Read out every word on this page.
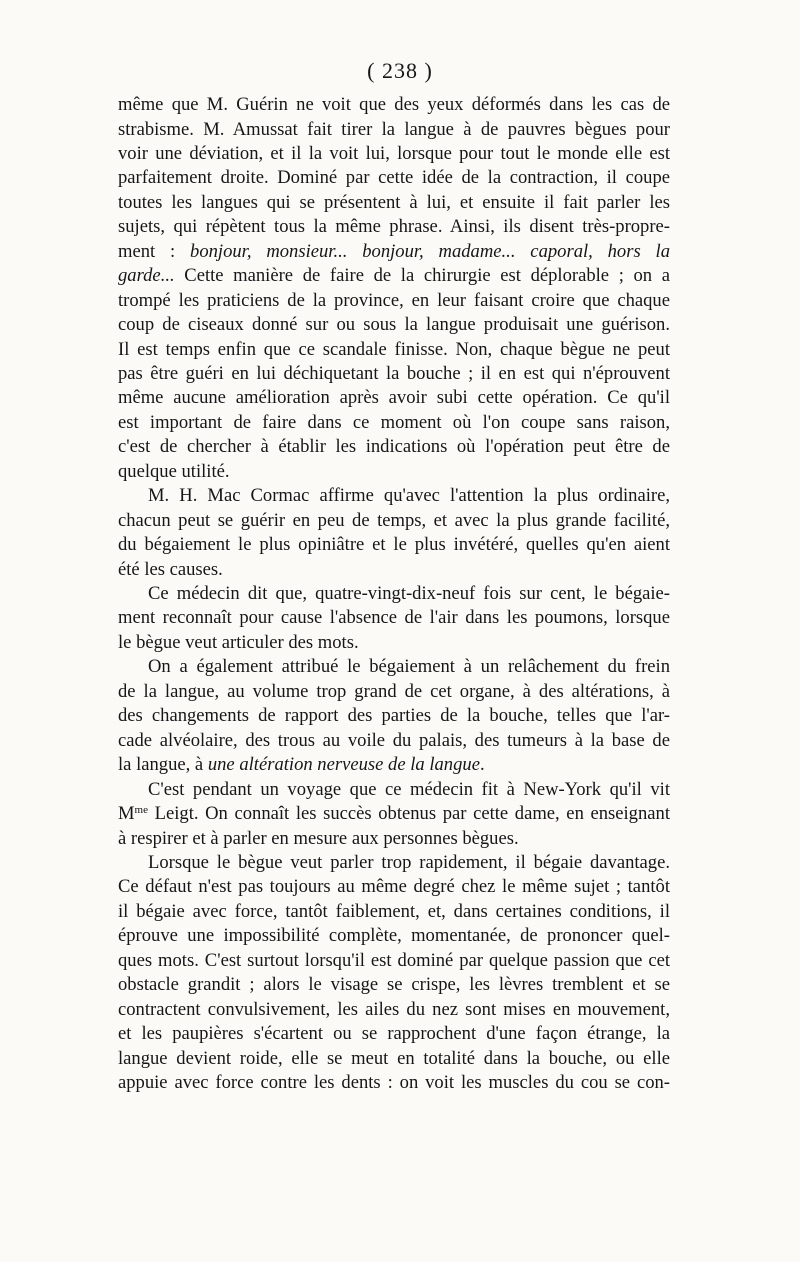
( 238 )
même que M. Guérin ne voit que des yeux déformés dans les cas de
strabisme. M. Amussat fait tirer la langue à de pauvres bègues pour
voir une déviation, et il la voit lui, lorsque pour tout le monde elle est
parfaitement droite. Dominé par cette idée de la contraction, il coupe
toutes les langues qui se présentent à lui, et ensuite il fait parler les
sujets, qui répètent tous la même phrase. Ainsi, ils disent très-propre-
ment : bonjour, monsieur... bonjour, madame... caporal, hors la
garde... Cette manière de faire de la chirurgie est déplorable ; on a
trompé les praticiens de la province, en leur faisant croire que chaque
coup de ciseaux donné sur ou sous la langue produisait une guérison.
Il est temps enfin que ce scandale finisse. Non, chaque bègue ne peut
pas être guéri en lui déchiquetant la bouche ; il en est qui n'éprouvent
même aucune amélioration après avoir subi cette opération. Ce qu'il
est important de faire dans ce moment où l'on coupe sans raison,
c'est de chercher à établir les indications où l'opération peut être de
quelque utilité.
M. H. Mac Cormac affirme qu'avec l'attention la plus ordinaire,
chacun peut se guérir en peu de temps, et avec la plus grande facilité,
du bégaiement le plus opiniâtre et le plus invétéré, quelles qu'en aient
été les causes.
Ce médecin dit que, quatre-vingt-dix-neuf fois sur cent, le bégaie-
ment reconnaît pour cause l'absence de l'air dans les poumons, lorsque
le bègue veut articuler des mots.
On a également attribué le bégaiement à un relâchement du frein
de la langue, au volume trop grand de cet organe, à des altérations, à
des changements de rapport des parties de la bouche, telles que l'ar-
cade alvéolaire, des trous au voile du palais, des tumeurs à la base de
la langue, à une altération nerveuse de la langue.
C'est pendant un voyage que ce médecin fit à New-York qu'il vit
$M^{me}$ Leigt. On connaît les succès obtenus par cette dame, en enseignant
à respirer et à parler en mesure aux personnes bègues.
Lorsque le bègue veut parler trop rapidement, il bégaie davantage.
Ce défaut n'est pas toujours au même degré chez le même sujet ; tantôt
il bégaie avec force, tantôt faiblement, et, dans certaines conditions, il
éprouve une impossibilité complète, momentanée, de prononcer quel-
ques mots. C'est surtout lorsqu'il est dominé par quelque passion que cet
obstacle grandit ; alors le visage se crispe, les lèvres tremblent et se
contractent convulsivement, les ailes du nez sont mises en mouvement,
et les paupières s'écartent ou se rapprochent d'une façon étrange, la
langue devient roide, elle se meut en totalité dans la bouche, ou elle
appuie avec force contre les dents : on voit les muscles du cou se con-
